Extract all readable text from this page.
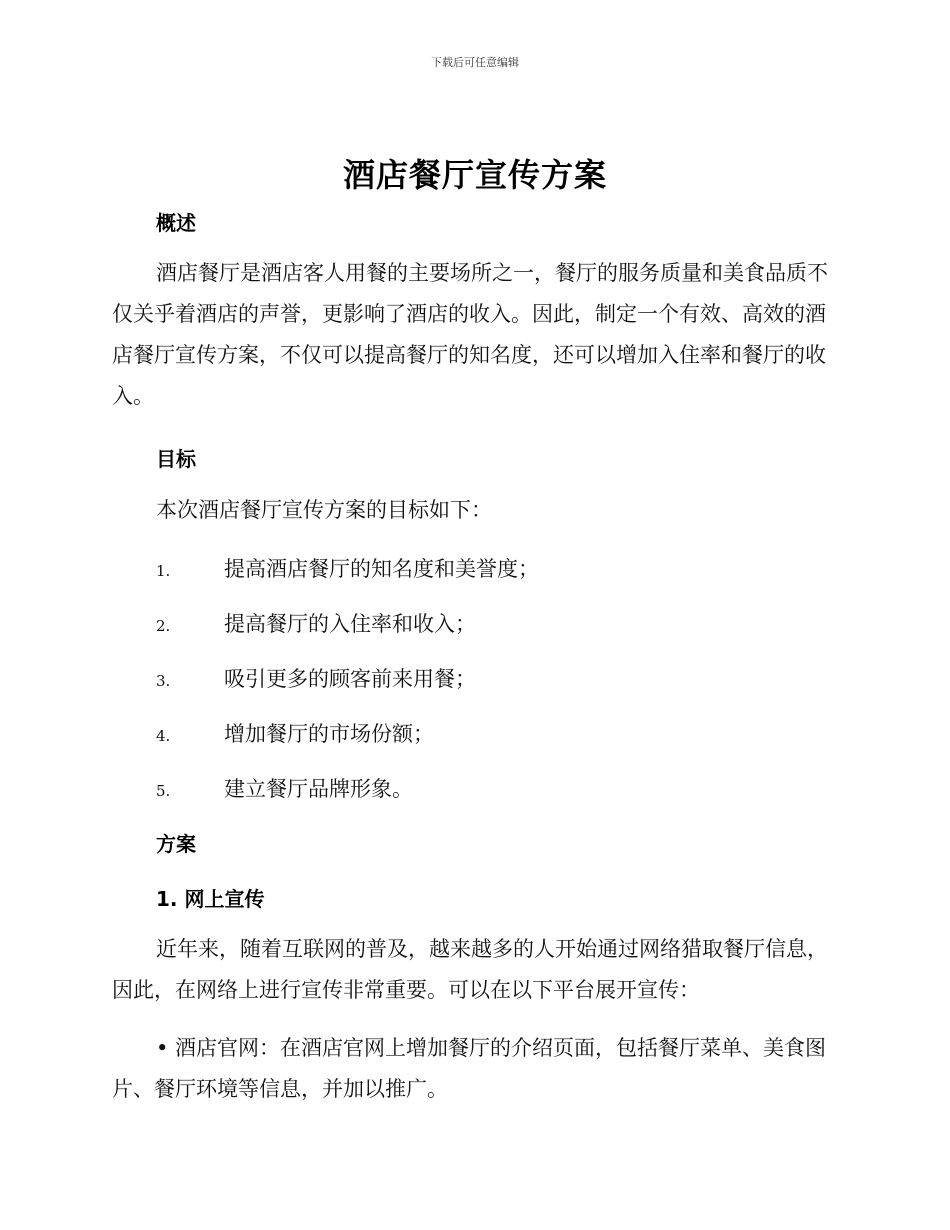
下载后可任意编辑
酒店餐厅宣传方案
概述

酒店餐厅是酒店客人用餐的主要场所之一，餐厅的服务质量和美食品质不仅关乎着酒店的声誉，更影响了酒店的收入。因此，制定一个有效、高效的酒店餐厅宣传方案，不仅可以提高餐厅的知名度，还可以增加入住率和餐厅的收入。

目标

本次酒店餐厅宣传方案的目标如下：

1.	提高酒店餐厅的知名度和美誉度；
2.	提高餐厅的入住率和收入；
3.	吸引更多的顾客前来用餐；
4.	增加餐厅的市场份额；
5.	建立餐厅品牌形象。
方案
1. 网上宣传

近年来，随着互联网的普及，越来越多的人开始通过网络猎取餐厅信息，因此，在网络上进行宣传非常重要。可以在以下平台展开宣传：

• 酒店官网：在酒店官网上增加餐厅的介绍页面，包括餐厅菜单、美食图片、餐厅环境等信息，并加以推广。
